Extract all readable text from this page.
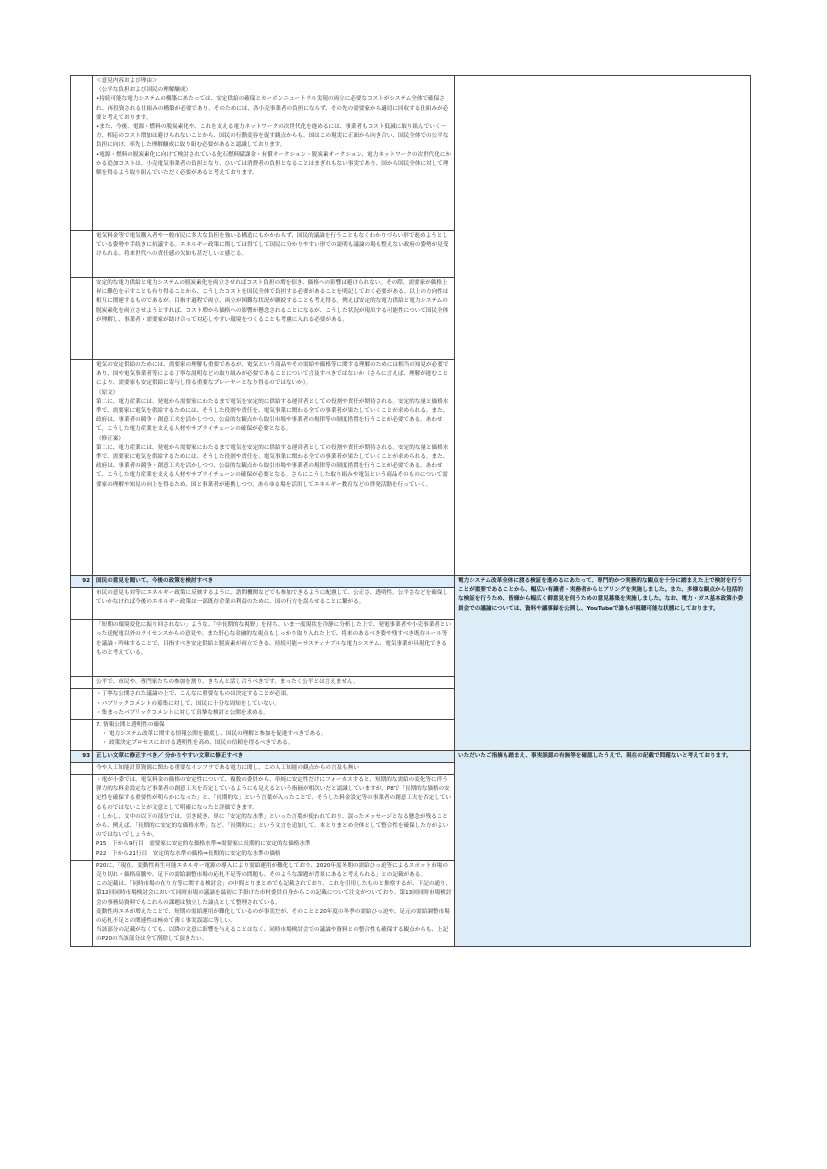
	＜意見内容および理由＞
（公平な負担および国民の理解醸成）
•持続可能な電力システムの構築にあたっては、安定供給の確保とカーボンニュートラル実現の両立に必要なコストがシステム全体で確保され、再投資される仕組みの構築が必要であり、そのためには、各小売事業者の負担にならず、その先の需要家から適切に回収する仕組みが必要と考えております。
•また、今後、電源・燃料の脱炭素化や、これを支える電力ネットワークの次世代化を進めるには、事業者もコスト低減に取り組んでいく一方、相応のコスト増加は避けられないことから、国民の行動変容を促す観点からも、国はこの現実に正面から向き合い、国民全体での公平な負担に向け、率先した理解醸成に取り組む必要があると認識しております。
•電源・燃料の脱炭素化に向けて検討されている化石燃料賦課金・有償オークション・脱炭素オークション、電力ネットワークの次世代化にかかる追加コストは、小売電気事業者の負担となり、ひいては消費者の負担となることはまぎれもない事実であり、国から国民全体に対して理解を得るよう取り組んでいただく必要があると考えております。	

	電気料金等で電気購入者や一般市民に多大な負担を強いる構造にもかかわらず、国民的議論を行うこともなくわかりづらい形で進めようとしている姿勢や手続きに抗議する。エネルギー政策に関しては得てして国民に分かりやすい形での説明も議論の場も整えない政府の姿勢が見受けられる。将来世代への責任感の欠如も甚だしいと感じる。	

	安定的な電力供給と電力システムの脱炭素化を両立させればコスト負担の増を招き、価格への影響は避けられない。その際、需要家が価格上昇に難色を示すことも有り得ることから、こうしたコストを国民全体で負担する必要があることを明記しておく必要がある。以上の方向性は相互に関連するものであるが、目指す過程で両立、両立が困難な状況が継続することも考え得る。例えば安定的な電力供給と電力システムの脱炭素化を両立させようとすれば、コスト増から価格への影響が懸念されることになるが、こうした状況が現出する可能性について国民全体が理解し、事業者・需要家が助け合って対応しやすい環境をつくることも考慮に入れる必要がある。	

	電気の安定供給のためには、需要家の理解も重要であるが、電気という商品やその需給や価格等に関する理解のためには相当の知見が必要であり、国や電気事業者等による丁寧な説明などの取り組みが必要であることについて言及すべきではないか（さらに言えば、理解が進むことにより、需要家も安定供給に寄与し得る重要なプレーヤーとなり得るのではないか）。
（原文）
第二に、電力産業には、発電から需要家にわたるまで電気を安定的に供給する運営者としての役割や責任が期待される。安定的な量と価格水準で、需要家に電気を供給するためには、そうした役割や責任を、電気事業に関わる全ての事業者が果たしていくことが求められる。また、政府は、事業者の競争・創意工夫を活かしつつ、公益的な観点から取引市場や事業者の規律等の制度措置を行うことが必要である。あわせて、こうした電力産業を支える人材やサプライチェーンの確保が必要となる。
（修正案）
第二に、電力産業には、発電から需要家にわたるまで電気を安定的に供給する運営者としての役割や責任が期待される。安定的な量と価格水準で、需要家に電気を供給するためには、そうした役割や責任を、電気事業に関わる全ての事業者が果たしていくことが求められる。また、政府は、事業者の競争・創意工夫を活かしつつ、公益的な観点から取引市場や事業者の規律等の制度措置を行うことが必要である。あわせて、こうした電力産業を支える人材やサプライチェーンの確保が必要となる。さらにこうした取り組みや電気という商品そのものについて需要家の理解や知見の向上を得るため、国と事業者が連携しつつ、あらゆる場を活用してエネルギー教育などの啓発活動を行っていく。	

92	国民の意見を聞いて、今後の政策を検討すべき	電力システム改革全体に渡る検証を進めるにあたって、専門的かつ実務的な観点を十分に踏まえた上で検討を行うことが重要であることから、幅広い有識者・実務者からヒアリングを実施しました。また、多様な観点から包括的な検証を行うため、皆様から幅広く御意見を伺うための意見募集を実施しました。なお、電力・ガス基本政策小委員会での議論については、資料や議事録を公開し、YouTubeで誰もが視聴可能な状態にしております。

	市民の意見も対等にエネルギー政策に反映するように、諮問機関などでも参加できるように配慮して、公正さ、透明性、公平さなどを確保していかなければ今後のエネルギー政策は一部既存企業の利益のために、国の行方を誤らせることに繋がる。	
	「短期の環境変化に振り回されない」ような、「中長期的な視野」を持ち、いま一度現状を冷静に分析した上で、発電事業者や小売事業者といった送配電以外のライセンスからの意見や、また肝心な金融的な視点もしっかり取り入れた上で、将来のあるべき姿や残すべき既存ルール等を議論・吟味することで、目指すべき安定供給と脱炭素が両立できる、持続可能＝サスティナブルな電力システム、電気事業が具現化できるものと考えている。	
	公平で、市民や、専門家たちの参加を割り、きちんと話し合うべきです。まったく公平とは言えません。	

	・丁寧な公開された議論の上で、こんなに重要なものは決定することが必須。
・パブリックコメントの募集に対して、国民に十分な周知をしていない。
・集まったパブリックコメントに対して真摯な検討と公開を求める。	

	7. 情報公開と透明性の確保
　・ 電力システム改革に関する情報公開を徹底し、国民の理解と参加を促進すべきである。
　・ 政策決定プロセスにおける透明性を高め、国民の信頼を得るべきである。	

93	正しい文章に修正すべき／ 分かりやすい文章に修正すべき	いただいたご指摘も踏まえ、事実誤認の有無等を確認したうえで、現在の記載で問題ないと考えております。

	今や人工知能計算資源に関わる重要なインフラである電力に関し、この人工知能の観点からの言及も無い	

	・電が小委では、電気料金の価格の安定性について、複数の委員から、単純に安定性だけにフォーカスすると、短期的な需給の変化等に伴う弾力的な料金設定など事業者の創意工夫を否定しているようにも見えるという指摘が相次いだと認識していますが、P8で「長期的な価格の安定性を確保する重要性が明らかになった」と、「長期的な」という言葉が入ったことで、そうした料金設定等の事業者の創意工夫を否定しているものではないことが文意として明確になったと評価できます。
・しかし、文中の以下の部分では、引き続き、単に「安定的な水準」といった言葉が使われており、誤ったメッセージとなる懸念が残ることから、例えば、「長期的に安定的な価格水準」など、「長期的に」という文言を追加して、本とりまとめ全体として整合性を確保した方がよいのではないでしょうか。
P15　下から9行目　需要家に安定的な価格水準⇒需要家に長期的に安定的な価格水準
P22　下から21行目　安定的な水準の価格⇒長期的に安定的な水準の価格	

	P20に、「現在、変動性再生可能エネルギー電源の導入により需給運用が難化しており、2020年度冬期の需給ひっ迫等によるスポット市場の売り切れ・価格高騰や、足下の需給調整市場の応札不足等の問題も、そのような課題が背景にあると考えられる」との記載がある。
この記載は、「同時市場の在り方等に関する検討会」の中間とりまとめでも記載されており、これを引用したものと推察するが、下記の通り、第12回同時市場検討会において同時市場の議論を最初に手掛けた市村委員自身からこの記載について注文がついており、第13回同時市場検討会の事務局資料でもこれらの課題は独立した論点として整理されている。
変動性再エネが増えたことで、短期の需給運用が難化しているのが事実だが、そのことと20年度の冬季の需給ひっ迫や、足元の需給調整市場の応札不足との関連性は極めて薄く事実誤認に等しい。
当該部分の記載がなくても、以降の文意に影響を与えることはなく、同時市場検討会での議論や資料との整合性も確保する観点からも、上記のP20の当該部分は全て削除して頂きたい。	
